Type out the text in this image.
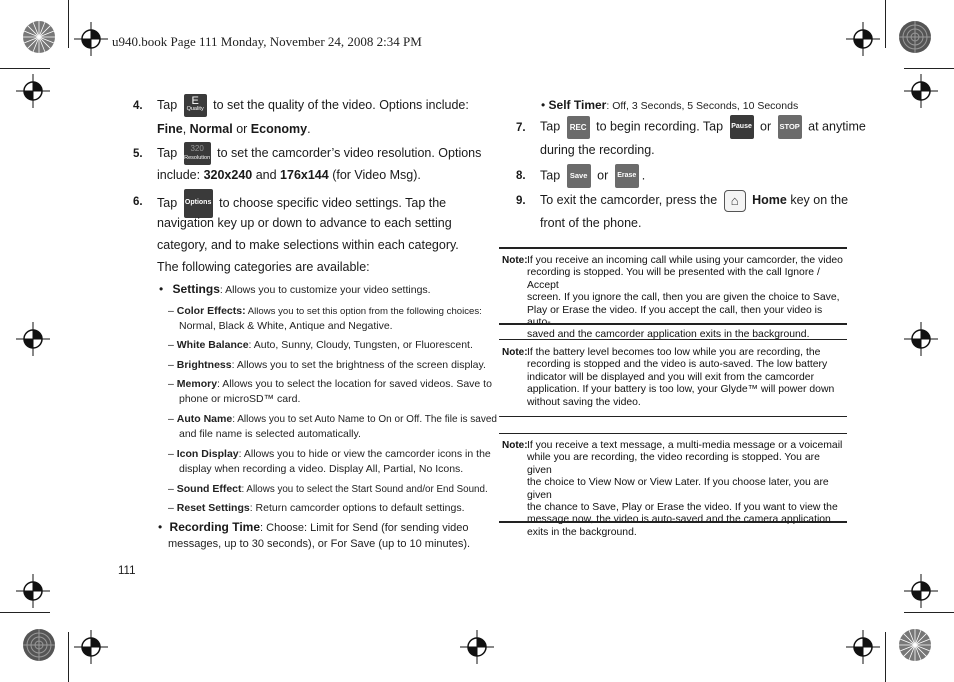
u940.book Page 111 Monday, November 24, 2008 2:34 PM
4. Tap	E
Quality to set the quality of the video. Options include:
Fine, Normal or Economy.
5. Tap	320
Resolution to set the camcorder’s video resolution. Options
include: 320x240 and 176x144 (for Video Msg).
6. Tap Options to choose specific video settings. Tap the
navigation key up or down to advance to each setting
category, and to make selections within each category.
The following categories are available:
• Settings: Allows you to customize your video settings.
– Color Effects: Allows you to set this option from the following choices:
Normal, Black & White, Antique and Negative.
– White Balance: Auto, Sunny, Cloudy, Tungsten, or Fluorescent.
– Brightness: Allows you to set the brightness of the screen display.
– Memory: Allows you to select the location for saved videos. Save to
phone or microSD™ card.
– Auto Name: Allows you to set Auto Name to On or Off. The file is saved
and file name is selected automatically.
– Icon Display: Allows you to hide or view the camcorder icons in the
display when recording a video. Display All, Partial, No Icons.
– Sound Effect: Allows you to select the Start Sound and/or End Sound.
– Reset Settings: Return camcorder options to default settings.
• Recording Time: Choose: Limit for Send (for sending video
messages, up to 30 seconds), or For Save (up to 10 minutes).
111
• Self Timer: Off, 3 Seconds, 5 Seconds, 10 Seconds
7. Tap REC to begin recording. Tap Pause or STOP at anytime
during the recording.
8. Tap Save or Erase .
9. To exit the camcorder, press the ⌂ Home key on the
front of the phone.
Note: If you receive an incoming call while using your camcorder, the video
recording is stopped. You will be presented with the call Ignore / Accept
screen. If you ignore the call, then you are given the choice to Save,
Play or Erase the video. If you accept the call, then your video is auto-
saved and the camcorder application exits in the background.
Note: If the battery level becomes too low while you are recording, the
recording is stopped and the video is auto-saved. The low battery
indicator will be displayed and you will exit from the camcorder
application. If your battery is too low, your Glyde™ will power down
without saving the video.
Note: If you receive a text message, a multi-media message or a voicemail
while you are recording, the video recording is stopped. You are given
the choice to View Now or View Later. If you choose later, you are given
the chance to Save, Play or Erase the video. If you want to view the
message now, the video is auto-saved and the camera application
exits in the background.
